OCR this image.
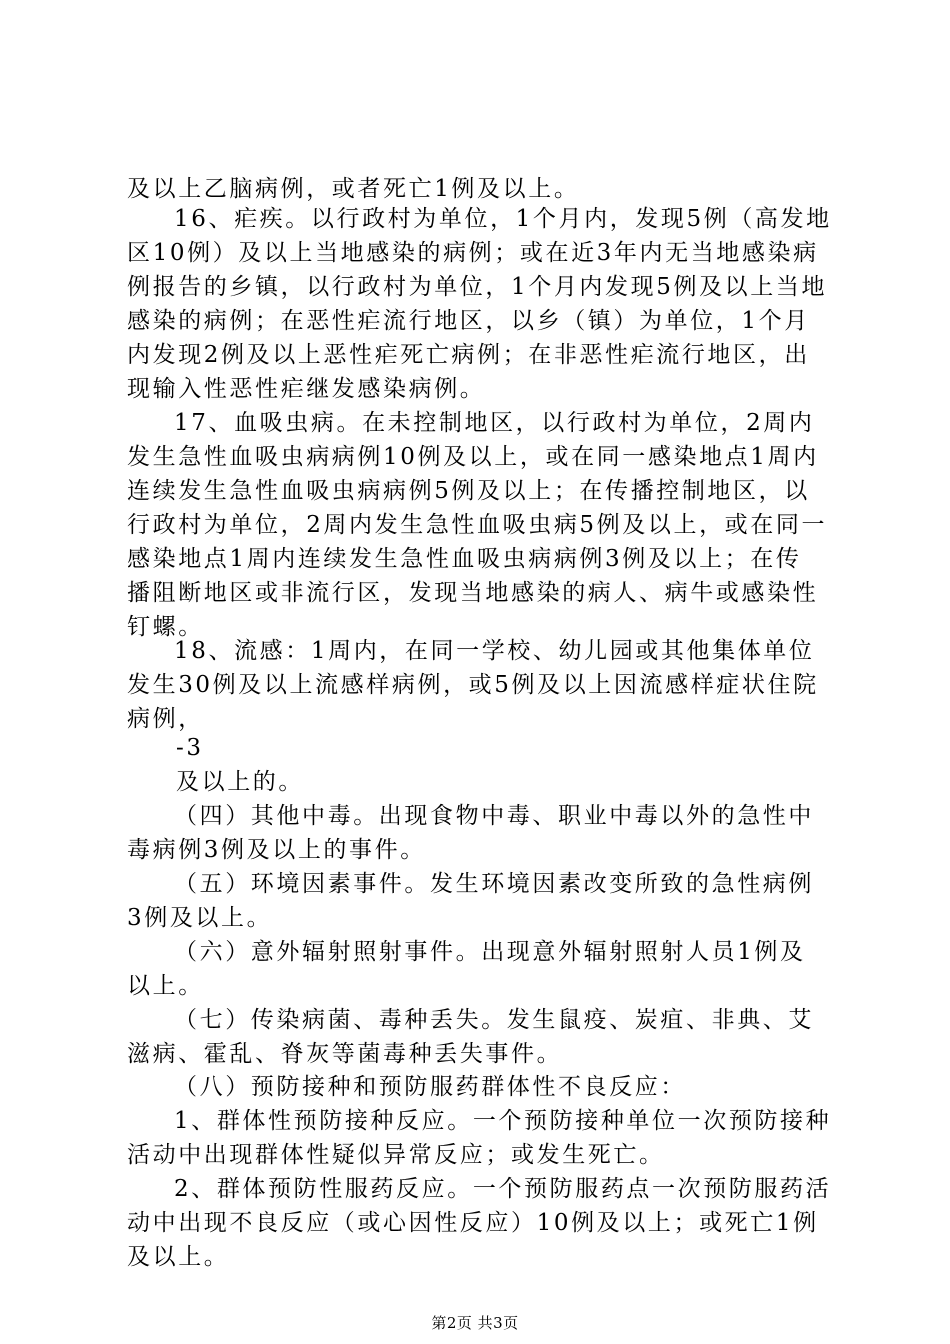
及以上乙脑病例，或者死亡1例及以上。
16、疟疾。以行政村为单位，1个月内，发现5例（高发地
区10例）及以上当地感染的病例；或在近3年内无当地感染病
例报告的乡镇，以行政村为单位，1个月内发现5例及以上当地
感染的病例；在恶性疟流行地区，以乡（镇）为单位，1个月
内发现2例及以上恶性疟死亡病例；在非恶性疟流行地区，出
现输入性恶性疟继发感染病例。
17、血吸虫病。在未控制地区，以行政村为单位，2周内
发生急性血吸虫病病例10例及以上，或在同一感染地点1周内
连续发生急性血吸虫病病例5例及以上；在传播控制地区，以
行政村为单位，2周内发生急性血吸虫病5例及以上，或在同一
感染地点1周内连续发生急性血吸虫病病例3例及以上；在传
播阻断地区或非流行区，发现当地感染的病人、病牛或感染性
钉螺。
18、流感：1周内，在同一学校、幼儿园或其他集体单位
发生30例及以上流感样病例，或5例及以上因流感样症状住院
病例，
-3
及以上的。
（四）其他中毒。出现食物中毒、职业中毒以外的急性中
毒病例3例及以上的事件。
（五）环境因素事件。发生环境因素改变所致的急性病例
3例及以上。
（六）意外辐射照射事件。出现意外辐射照射人员1例及
以上。
（七）传染病菌、毒种丢失。发生鼠疫、炭疽、非典、艾
滋病、霍乱、脊灰等菌毒种丢失事件。
（八）预防接种和预防服药群体性不良反应：
1、群体性预防接种反应。一个预防接种单位一次预防接种
活动中出现群体性疑似异常反应；或发生死亡。
2、群体预防性服药反应。一个预防服药点一次预防服药活
动中出现不良反应（或心因性反应）10例及以上；或死亡1例
及以上。
第2页 共3页
